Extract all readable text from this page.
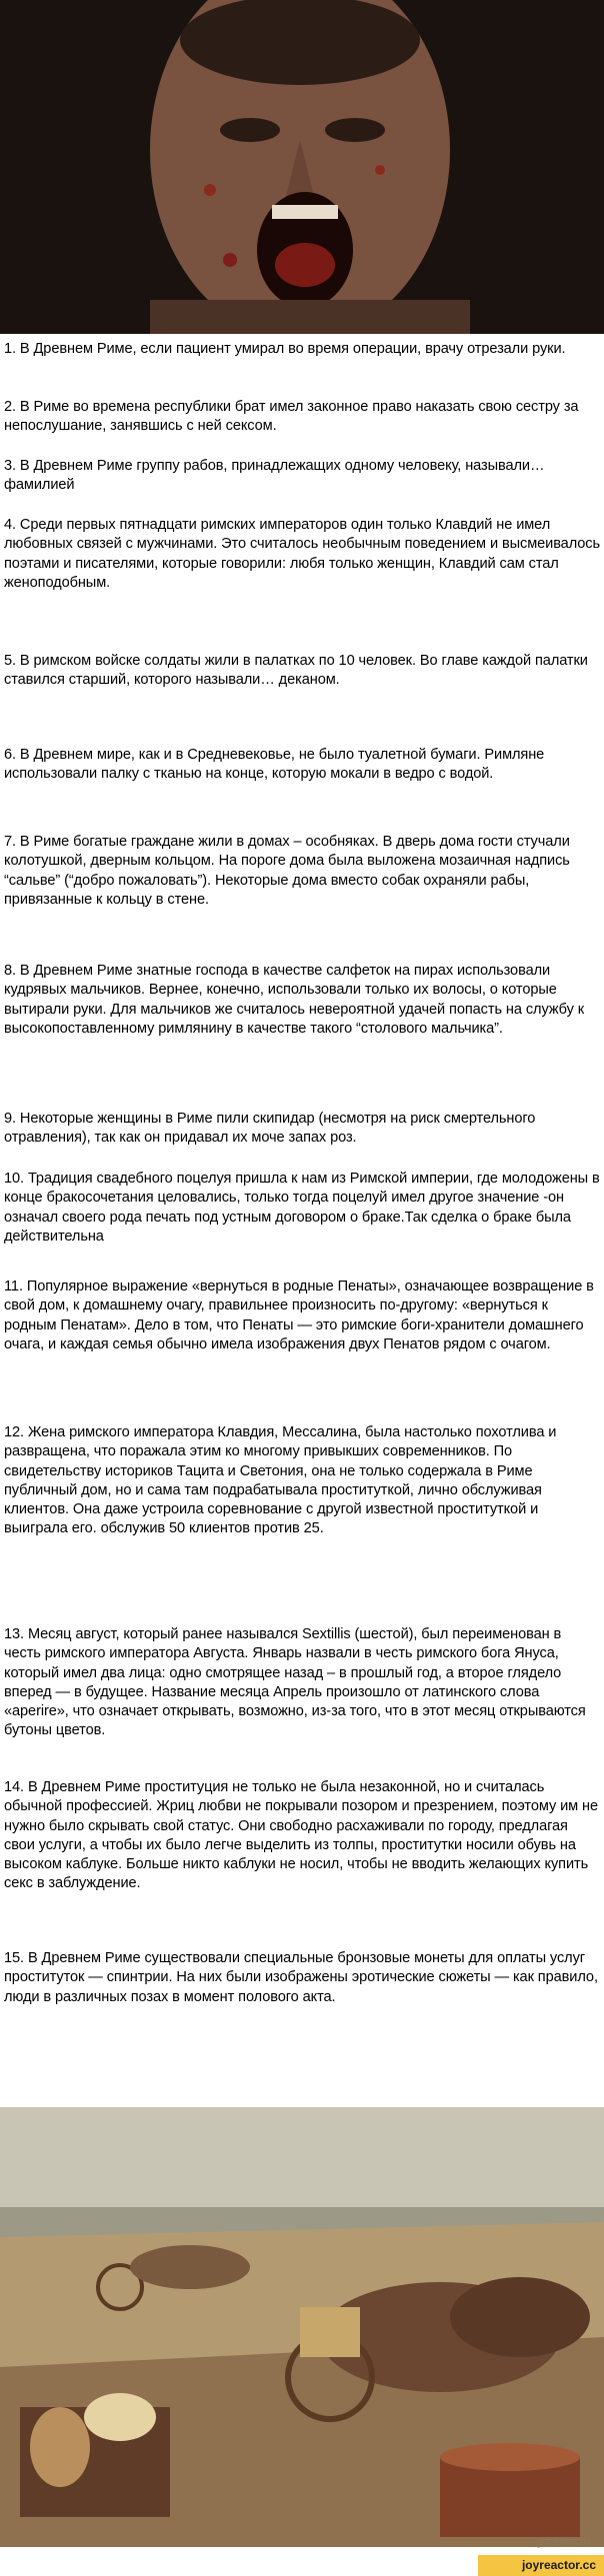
1. В Древнем Риме, если пациент умирал во время операции, врачу отрезали руки.

2. В Риме во времена республики брат имел законное право наказать свою сестру за непослушание, занявшись с ней сексом.

3. В Древнем Риме группу рабов, принадлежащих одному человеку, называли… фамилией

4. Среди первых пятнадцати римских императоров один только Клавдий не имел любовных связей с мужчинами. Это считалось необычным поведением и высмеивалось поэтами и писателями, которые говорили: любя только женщин, Клавдий сам стал женоподобным.

5. В римском войске солдаты жили в палатках по 10 человек. Во главе каждой палатки ставился старший, которого называли… деканом.

6. В Древнем мире, как и в Средневековье, не было туалетной бумаги. Римляне использовали палку с тканью на конце, которую мокали в ведро с водой.

7. В Риме богатые граждане жили в домах – особняках. В дверь дома гости стучали колотушкой, дверным кольцом. На пороге дома была выложена мозаичная надпись “сальве” (“добро пожаловать”). Некоторые дома вместо собак охраняли рабы, привязанные к кольцу в стене.

8. В Древнем Риме знатные господа в качестве салфеток на пирах использовали кудрявых мальчиков. Вернее, конечно, использовали только их волосы, о которые вытирали руки. Для мальчиков же считалось невероятной удачей попасть на службу к высокопоставленному римлянину в качестве такого “столового мальчика”.

9. Некоторые женщины в Риме пили скипидар (несмотря на риск смертельного отравления), так как он придавал их моче запах роз.

10. Традиция свадебного поцелуя пришла к нам из Римской империи, где молодожены в конце бракосочетания целовались, только тогда поцелуй имел другое значение -он означал своего рода печать под устным договором о браке.Так сделка о браке была действительна

11. Популярное выражение «вернуться в родные Пенаты», означающее возвращение в свой дом, к домашнему очагу, правильнее произносить по-другому: «вернуться к родным Пенатам». Дело в том, что Пенаты — это римские боги-хранители домашнего очага, и каждая семья обычно имела изображения двух Пенатов рядом с очагом.

12. Жена римского императора Клавдия, Мессалина, была настолько похотлива и развращена, что поражала этим ко многому привыкших современников. По свидетельству историков Тацита и Светония, она не только содержала в Риме публичный дом, но и сама там подрабатывала проституткой, лично обслуживая клиентов. Она даже устроила соревнование с другой известной проституткой и выиграла его. обслужив 50 клиентов против 25.

13. Месяц август, который ранее назывался Sextillis (шестой), был переименован в честь римского императора Августа. Январь назвали в честь римского бога Януса, который имел два лица: одно смотрящее назад – в прошлый год, а второе глядело вперед — в будущее. Название месяца Апрель произошло от латинского слова «aperire», что означает открывать, возможно, из-за того, что в этот месяц открываются бутоны цветов.

14. В Древнем Риме проституция не только не была незаконной, но и считалась обычной профессией. Жриц любви не покрывали позором и презрением, поэтому им не нужно было скрывать свой статус. Они свободно расхаживали по городу, предлагая свои услуги, а чтобы их было легче выделить из толпы, проститутки носили обувь на высоком каблуке. Больше никто каблуки не носил, чтобы не вводить желающих купить секс в заблуждение.

15. В Древнем Риме существовали специальные бронзовые монеты для оплаты услуг проституток — спинтрии. На них были изображены эротические сюжеты — как правило, люди в различных позах в момент полового акта.

gifchaos.ru
joyreactor.cc
